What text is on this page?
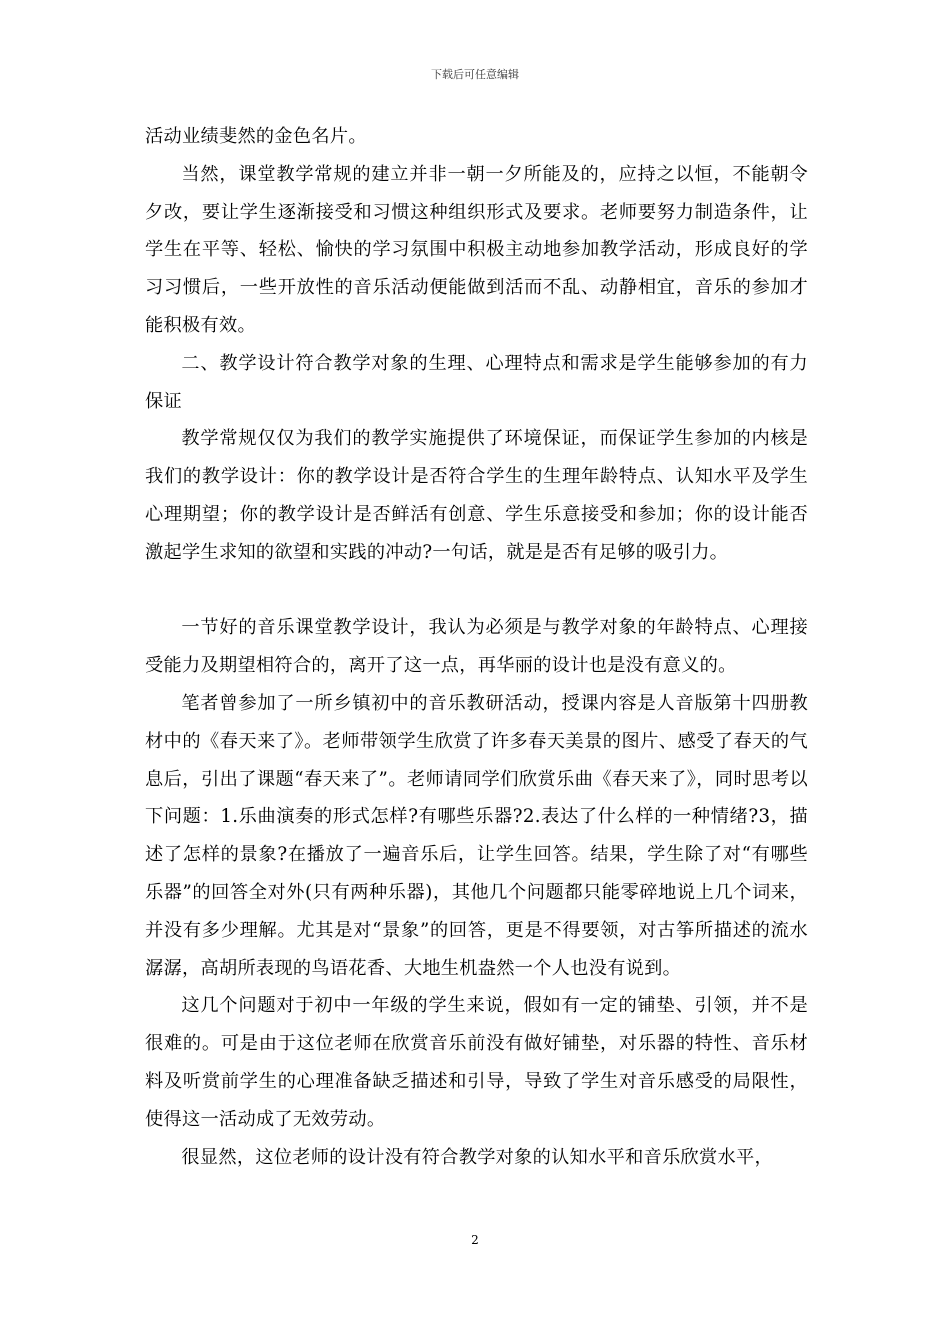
下载后可任意编辑

活动业绩斐然的金色名片。

当然，课堂教学常规的建立并非一朝一夕所能及的，应持之以恒，不能朝令夕改，要让学生逐渐接受和习惯这种组织形式及要求。老师要努力制造条件，让学生在平等、轻松、愉快的学习氛围中积极主动地参加教学活动，形成良好的学习习惯后，一些开放性的音乐活动便能做到活而不乱、动静相宜，音乐的参加才能积极有效。

二、教学设计符合教学对象的生理、心理特点和需求是学生能够参加的有力保证

教学常规仅仅为我们的教学实施提供了环境保证，而保证学生参加的内核是我们的教学设计：你的教学设计是否符合学生的生理年龄特点、认知水平及学生心理期望；你的教学设计是否鲜活有创意、学生乐意接受和参加；你的设计能否激起学生求知的欲望和实践的冲动?一句话，就是是否有足够的吸引力。

一节好的音乐课堂教学设计，我认为必须是与教学对象的年龄特点、心理接受能力及期望相符合的，离开了这一点，再华丽的设计也是没有意义的。

笔者曾参加了一所乡镇初中的音乐教研活动，授课内容是人音版第十四册教材中的《春天来了》。老师带领学生欣赏了许多春天美景的图片、感受了春天的气息后，引出了课题“春天来了”。老师请同学们欣赏乐曲《春天来了》，同时思考以下问题：1.乐曲演奏的形式怎样?有哪些乐器?2.表达了什么样的一种情绪?3，描述了怎样的景象?在播放了一遍音乐后，让学生回答。结果，学生除了对“有哪些乐器”的回答全对外(只有两种乐器)，其他几个问题都只能零碎地说上几个词来，并没有多少理解。尤其是对“景象”的回答，更是不得要领，对古筝所描述的流水潺潺，高胡所表现的鸟语花香、大地生机盎然一个人也没有说到。

这几个问题对于初中一年级的学生来说，假如有一定的铺垫、引领，并不是很难的。可是由于这位老师在欣赏音乐前没有做好铺垫，对乐器的特性、音乐材料及听赏前学生的心理准备缺乏描述和引导，导致了学生对音乐感受的局限性，使得这一活动成了无效劳动。

很显然，这位老师的设计没有符合教学对象的认知水平和音乐欣赏水平，

2
